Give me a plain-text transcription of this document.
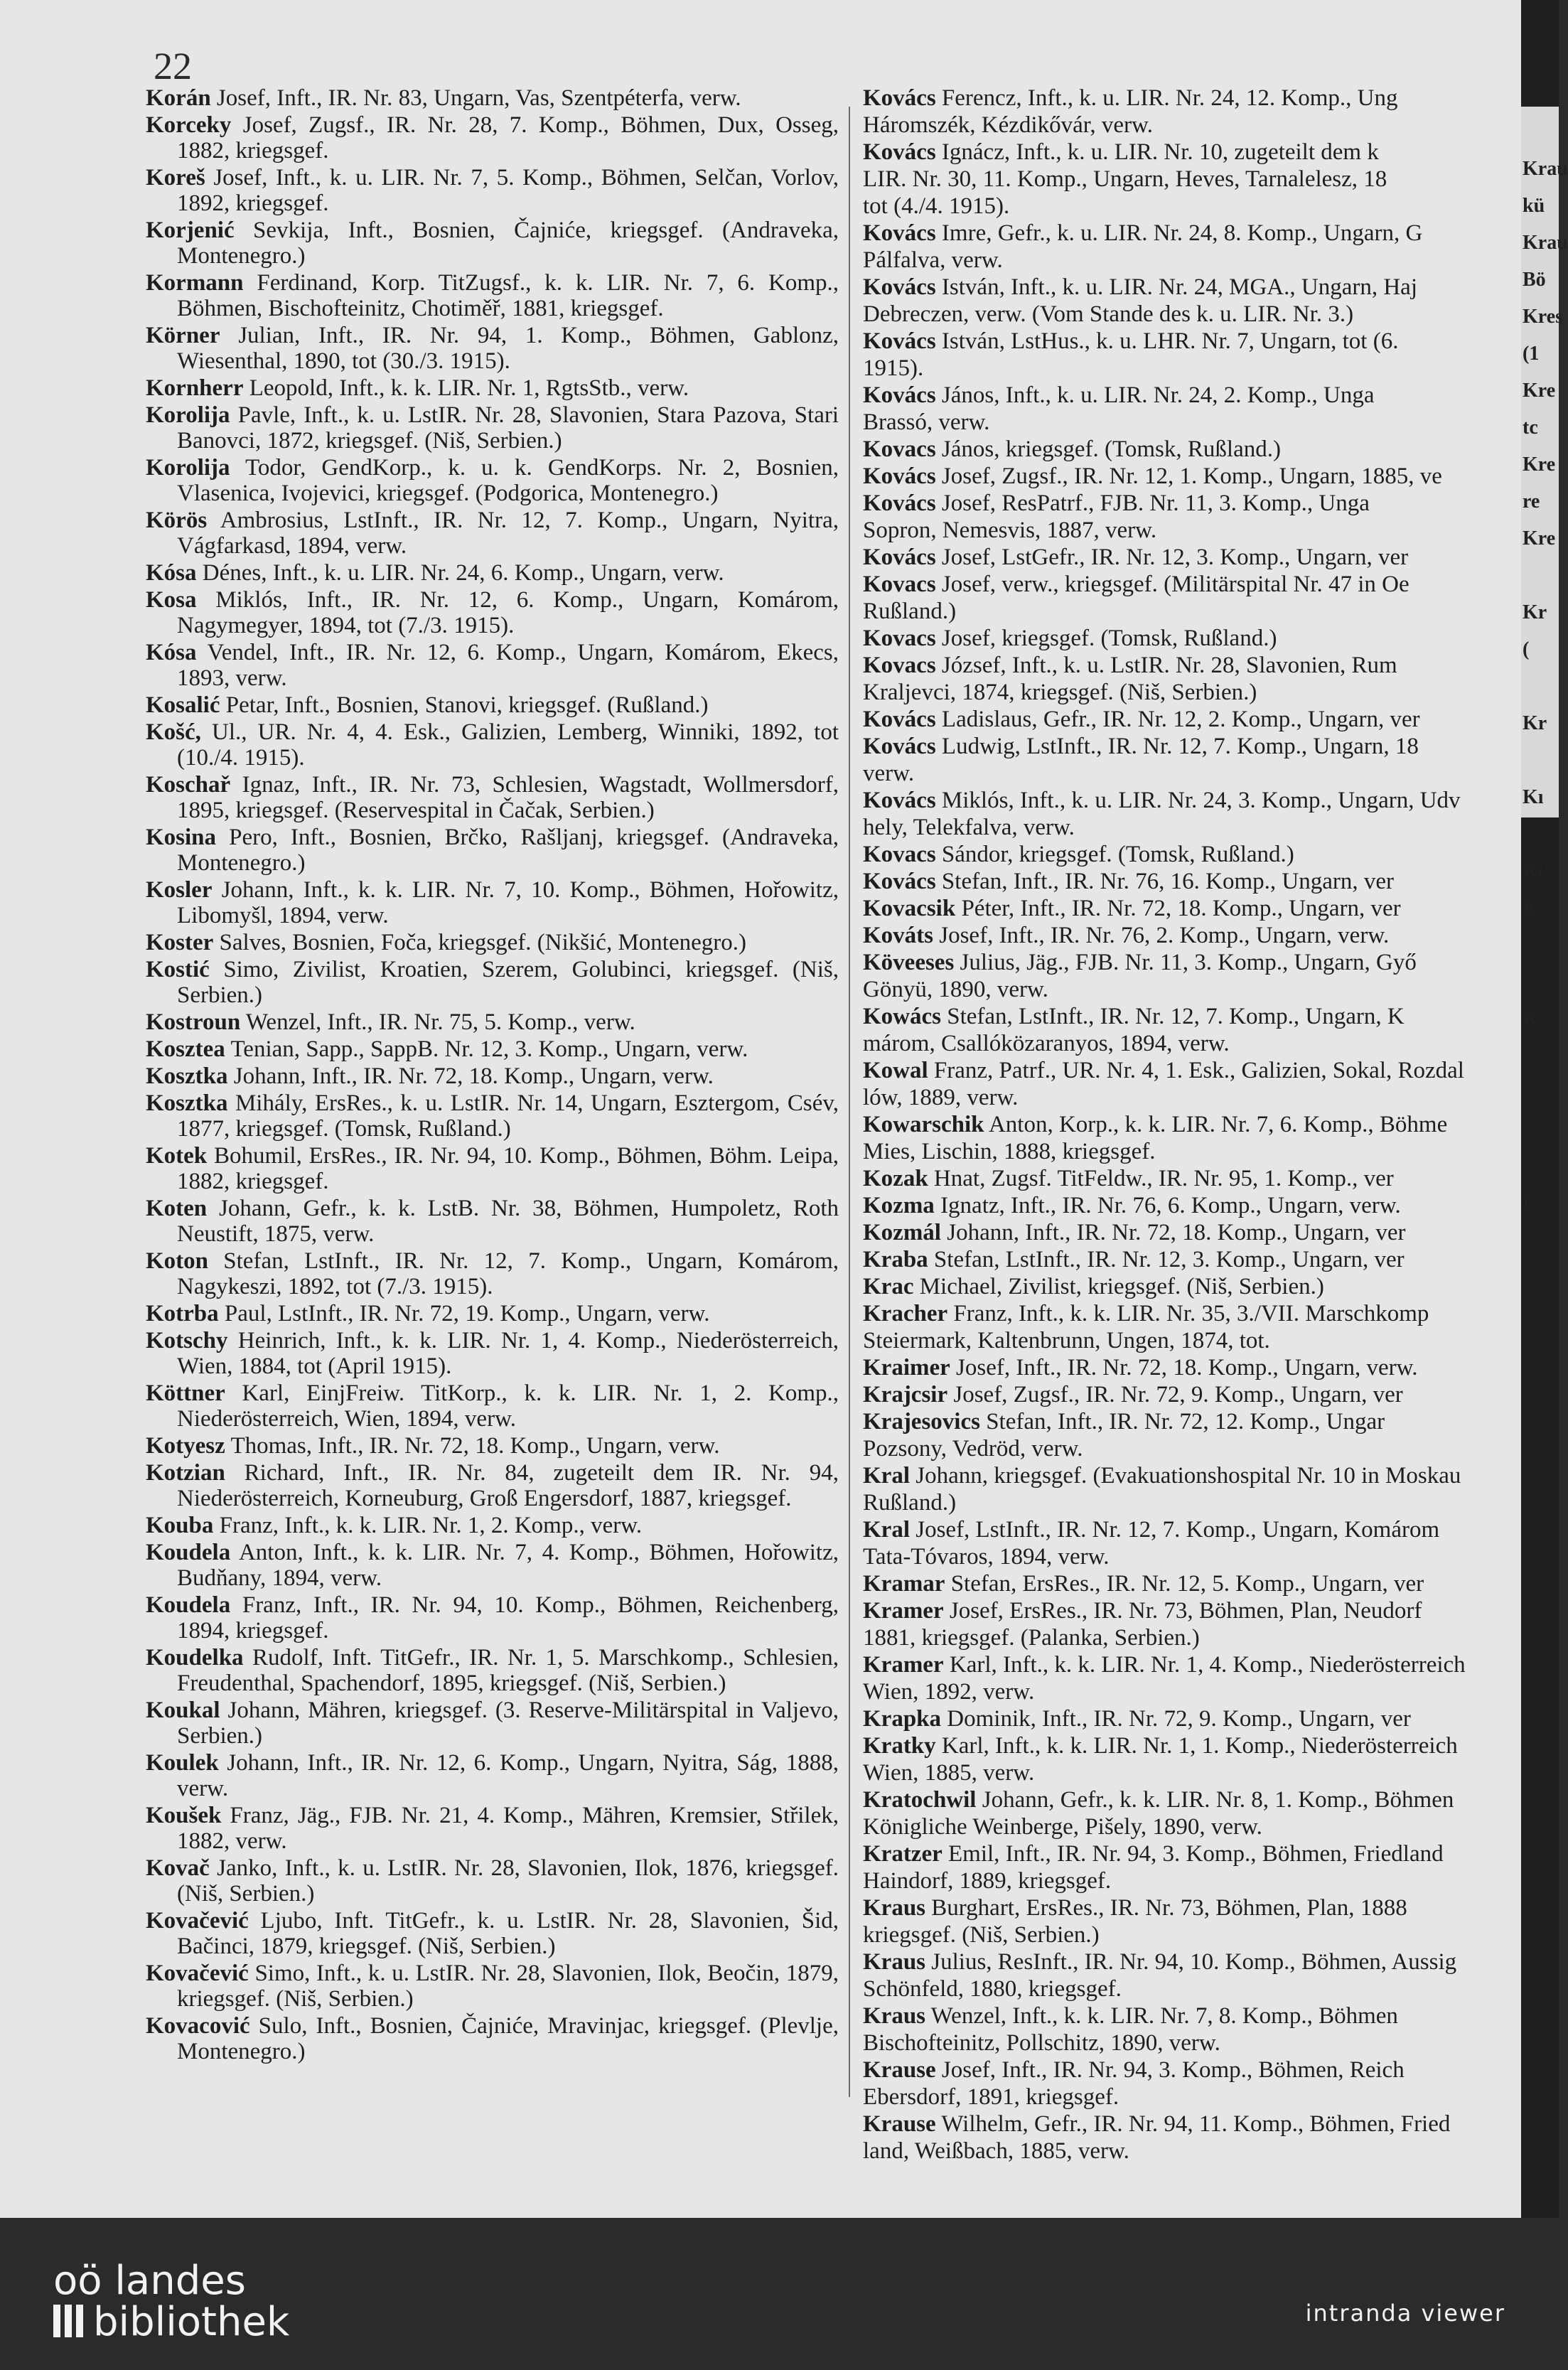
22
Korán Josef, Inft., IR. Nr. 83, Ungarn, Vas, Szentpéterfa, verw.
Korceky Josef, Zugsf., IR. Nr. 28, 7. Komp., Böhmen, Dux, Osseg, 1882, kriegsgef.
Koreš Josef, Inft., k. u. LIR. Nr. 7, 5. Komp., Böhmen, Selčan, Vorlov, 1892, kriegsgef.
Korjenić Sevkija, Inft., Bosnien, Čajniće, kriegsgef. (Andraveka, Montenegro.)
Kormann Ferdinand, Korp. TitZugsf., k. k. LIR. Nr. 7, 6. Komp., Böhmen, Bischofteinitz, Chotiměř, 1881, kriegsgef.
Körner Julian, Inft., IR. Nr. 94, 1. Komp., Böhmen, Gablonz, Wiesenthal, 1890, tot (30./3. 1915).
Kornherr Leopold, Inft., k. k. LIR. Nr. 1, RgtsStb., verw.
Korolija Pavle, Inft., k. u. LstIR. Nr. 28, Slavonien, Stara Pazova, Stari Banovci, 1872, kriegsgef. (Niš, Serbien.)
Korolija Todor, GendKorp., k. u. k. GendKorps. Nr. 2, Bosnien, Vlasenica, Ivojevici, kriegsgef. (Podgorica, Montenegro.)
Körös Ambrosius, LstInft., IR. Nr. 12, 7. Komp., Ungarn, Nyitra, Vágfarkasd, 1894, verw.
Kósa Dénes, Inft., k. u. LIR. Nr. 24, 6. Komp., Ungarn, verw.
Kosa Miklós, Inft., IR. Nr. 12, 6. Komp., Ungarn, Komárom, Nagymegyer, 1894, tot (7./3. 1915).
Kósa Vendel, Inft., IR. Nr. 12, 6. Komp., Ungarn, Komárom, Ekecs, 1893, verw.
Kosalić Petar, Inft., Bosnien, Stanovi, kriegsgef. (Rußland.)
Košć, Ul., UR. Nr. 4, 4. Esk., Galizien, Lemberg, Winniki, 1892, tot (10./4. 1915).
Koschař Ignaz, Inft., IR. Nr. 73, Schlesien, Wagstadt, Wollmersdorf, 1895, kriegsgef. (Reservespital in Čačak, Serbien.)
Kosina Pero, Inft., Bosnien, Brčko, Rašljanj, kriegsgef. (Andraveka, Montenegro.)
Kosler Johann, Inft., k. k. LIR. Nr. 7, 10. Komp., Böhmen, Hořowitz, Libomyšl, 1894, verw.
Koster Salves, Bosnien, Foča, kriegsgef. (Nikšić, Montenegro.)
Kostić Simo, Zivilist, Kroatien, Szerem, Golubinci, kriegsgef. (Niš, Serbien.)
Kostroun Wenzel, Inft., IR. Nr. 75, 5. Komp., verw.
Kosztea Tenian, Sapp., SappB. Nr. 12, 3. Komp., Ungarn, verw.
Kosztka Johann, Inft., IR. Nr. 72, 18. Komp., Ungarn, verw.
Kosztka Mihály, ErsRes., k. u. LstIR. Nr. 14, Ungarn, Esztergom, Csév, 1877, kriegsgef. (Tomsk, Rußland.)
Kotek Bohumil, ErsRes., IR. Nr. 94, 10. Komp., Böhmen, Böhm. Leipa, 1882, kriegsgef.
Koten Johann, Gefr., k. k. LstB. Nr. 38, Böhmen, Humpoletz, Roth Neustift, 1875, verw.
Koton Stefan, LstInft., IR. Nr. 12, 7. Komp., Ungarn, Komárom, Nagykeszi, 1892, tot (7./3. 1915).
Kotrba Paul, LstInft., IR. Nr. 72, 19. Komp., Ungarn, verw.
Kotschy Heinrich, Inft., k. k. LIR. Nr. 1, 4. Komp., Niederösterreich, Wien, 1884, tot (April 1915).
Köttner Karl, EinjFreiw. TitKorp., k. k. LIR. Nr. 1, 2. Komp., Niederösterreich, Wien, 1894, verw.
Kotyesz Thomas, Inft., IR. Nr. 72, 18. Komp., Ungarn, verw.
Kotzian Richard, Inft., IR. Nr. 84, zugeteilt dem IR. Nr. 94, Niederösterreich, Korneuburg, Groß Engersdorf, 1887, kriegsgef.
Kouba Franz, Inft., k. k. LIR. Nr. 1, 2. Komp., verw.
Koudela Anton, Inft., k. k. LIR. Nr. 7, 4. Komp., Böhmen, Hořowitz, Budňany, 1894, verw.
Koudela Franz, Inft., IR. Nr. 94, 10. Komp., Böhmen, Reichenberg, 1894, kriegsgef.
Koudelka Rudolf, Inft. TitGefr., IR. Nr. 1, 5. Marschkomp., Schlesien, Freudenthal, Spachendorf, 1895, kriegsgef. (Niš, Serbien.)
Koukal Johann, Mähren, kriegsgef. (3. Reserve-Militärspital in Valjevo, Serbien.)
Koulek Johann, Inft., IR. Nr. 12, 6. Komp., Ungarn, Nyitra, Ság, 1888, verw.
Koušek Franz, Jäg., FJB. Nr. 21, 4. Komp., Mähren, Kremsier, Střilek, 1882, verw.
Kovač Janko, Inft., k. u. LstIR. Nr. 28, Slavonien, Ilok, 1876, kriegsgef. (Niš, Serbien.)
Kovačević Ljubo, Inft. TitGefr., k. u. LstIR. Nr. 28, Slavonien, Šid, Bačinci, 1879, kriegsgef. (Niš, Serbien.)
Kovačević Simo, Inft., k. u. LstIR. Nr. 28, Slavonien, Ilok, Beočin, 1879, kriegsgef. (Niš, Serbien.)
Kovacović Sulo, Inft., Bosnien, Čajniće, Mravinjac, kriegsgef. (Plevlje, Montenegro.)
Kovács Ferencz, Inft., k. u. LIR. Nr. 24, 12. Komp., Ung
Háromszék, Kézdikővár, verw.
Kovács Ignácz, Inft., k. u. LIR. Nr. 10, zugeteilt dem k
LIR. Nr. 30, 11. Komp., Ungarn, Heves, Tarnalelesz, 18
tot (4./4. 1915).
Kovács Imre, Gefr., k. u. LIR. Nr. 24, 8. Komp., Ungarn, G
Pálfalva, verw.
Kovács István, Inft., k. u. LIR. Nr. 24, MGA., Ungarn, Haj
Debreczen, verw. (Vom Stande des k. u. LIR. Nr. 3.)
Kovács István, LstHus., k. u. LHR. Nr. 7, Ungarn, tot (6.
1915).
Kovács János, Inft., k. u. LIR. Nr. 24, 2. Komp., Unga
Brassó, verw.
Kovacs János, kriegsgef. (Tomsk, Rußland.)
Kovács Josef, Zugsf., IR. Nr. 12, 1. Komp., Ungarn, 1885, ve
Kovács Josef, ResPatrf., FJB. Nr. 11, 3. Komp., Unga
Sopron, Nemesvis, 1887, verw.
Kovács Josef, LstGefr., IR. Nr. 12, 3. Komp., Ungarn, ver
Kovacs Josef, verw., kriegsgef. (Militärspital Nr. 47 in Oe
Rußland.)
Kovacs Josef, kriegsgef. (Tomsk, Rußland.)
Kovacs József, Inft., k. u. LstIR. Nr. 28, Slavonien, Rum
Kraljevci, 1874, kriegsgef. (Niš, Serbien.)
Kovács Ladislaus, Gefr., IR. Nr. 12, 2. Komp., Ungarn, ver
Kovács Ludwig, LstInft., IR. Nr. 12, 7. Komp., Ungarn, 18
verw.
Kovács Miklós, Inft., k. u. LIR. Nr. 24, 3. Komp., Ungarn, Udv
hely, Telekfalva, verw.
Kovacs Sándor, kriegsgef. (Tomsk, Rußland.)
Kovács Stefan, Inft., IR. Nr. 76, 16. Komp., Ungarn, ver
Kovacsik Péter, Inft., IR. Nr. 72, 18. Komp., Ungarn, ver
Kováts Josef, Inft., IR. Nr. 76, 2. Komp., Ungarn, verw.
Köveeses Julius, Jäg., FJB. Nr. 11, 3. Komp., Ungarn, Győ
Gönyü, 1890, verw.
Kowács Stefan, LstInft., IR. Nr. 12, 7. Komp., Ungarn, K
márom, Csallóközaranyos, 1894, verw.
Kowal Franz, Patrf., UR. Nr. 4, 1. Esk., Galizien, Sokal, Rozdal
lów, 1889, verw.
Kowarschik Anton, Korp., k. k. LIR. Nr. 7, 6. Komp., Böhme
Mies, Lischin, 1888, kriegsgef.
Kozak Hnat, Zugsf. TitFeldw., IR. Nr. 95, 1. Komp., ver
Kozma Ignatz, Inft., IR. Nr. 76, 6. Komp., Ungarn, verw.
Kozmál Johann, Inft., IR. Nr. 72, 18. Komp., Ungarn, ver
Kraba Stefan, LstInft., IR. Nr. 12, 3. Komp., Ungarn, ver
Krac Michael, Zivilist, kriegsgef. (Niš, Serbien.)
Kracher Franz, Inft., k. k. LIR. Nr. 35, 3./VII. Marschkomp
Steiermark, Kaltenbrunn, Ungen, 1874, tot.
Kraimer Josef, Inft., IR. Nr. 72, 18. Komp., Ungarn, verw.
Krajcsir Josef, Zugsf., IR. Nr. 72, 9. Komp., Ungarn, ver
Krajesovics Stefan, Inft., IR. Nr. 72, 12. Komp., Ungar
Pozsony, Vedröd, verw.
Kral Johann, kriegsgef. (Evakuationshospital Nr. 10 in Moskau
Rußland.)
Kral Josef, LstInft., IR. Nr. 12, 7. Komp., Ungarn, Komárom
Tata-Tóvaros, 1894, verw.
Kramar Stefan, ErsRes., IR. Nr. 12, 5. Komp., Ungarn, ver
Kramer Josef, ErsRes., IR. Nr. 73, Böhmen, Plan, Neudorf
1881, kriegsgef. (Palanka, Serbien.)
Kramer Karl, Inft., k. k. LIR. Nr. 1, 4. Komp., Niederösterreich
Wien, 1892, verw.
Krapka Dominik, Inft., IR. Nr. 72, 9. Komp., Ungarn, ver
Kratky Karl, Inft., k. k. LIR. Nr. 1, 1. Komp., Niederösterreich
Wien, 1885, verw.
Kratochwil Johann, Gefr., k. k. LIR. Nr. 8, 1. Komp., Böhmen
Königliche Weinberge, Pišely, 1890, verw.
Kratzer Emil, Inft., IR. Nr. 94, 3. Komp., Böhmen, Friedland
Haindorf, 1889, kriegsgef.
Kraus Burghart, ErsRes., IR. Nr. 73, Böhmen, Plan, 1888
kriegsgef. (Niš, Serbien.)
Kraus Julius, ResInft., IR. Nr. 94, 10. Komp., Böhmen, Aussig
Schönfeld, 1880, kriegsgef.
Kraus Wenzel, Inft., k. k. LIR. Nr. 7, 8. Komp., Böhmen
Bischofteinitz, Pollschitz, 1890, verw.
Krause Josef, Inft., IR. Nr. 94, 3. Komp., Böhmen, Reich
Ebersdorf, 1891, kriegsgef.
Krause Wilhelm, Gefr., IR. Nr. 94, 11. Komp., Böhmen, Fried
land, Weißbach, 1885, verw.
Krau
kü
Krau
Bö
Kres
(1
Kre
tc
Kre
re
Kre
Kr
(
Kr
Kı
Ki
K
K
I
oö landes
bibliothek	intranda viewer
